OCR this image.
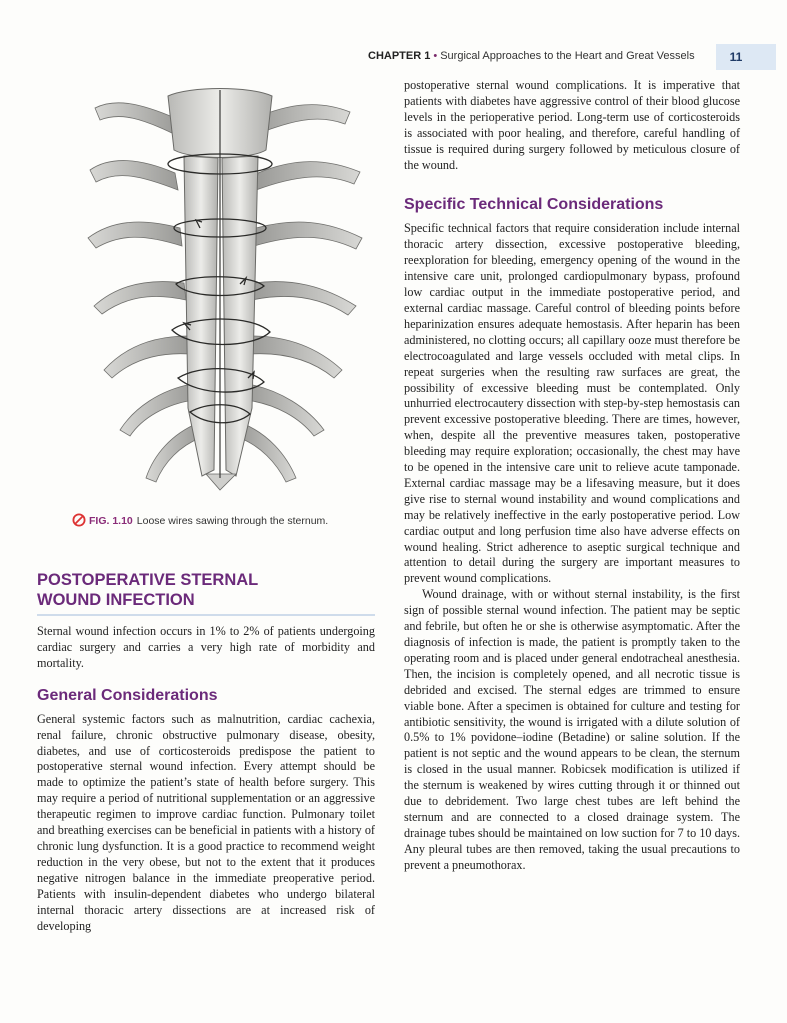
CHAPTER 1 • Surgical Approaches to the Heart and Great Vessels	11
FIG. 1.10 Loose wires sawing through the sternum.
POSTOPERATIVE STERNAL
WOUND INFECTION

Sternal wound infection occurs in 1% to 2% of patients undergoing cardiac surgery and carries a very high rate of morbidity and mortality.

General Considerations

General systemic factors such as malnutrition, cardiac cachexia, renal failure, chronic obstructive pulmonary disease, obesity, diabetes, and use of corticosteroids predispose the patient to postoperative sternal wound infection. Every attempt should be made to optimize the patient’s state of health before surgery. This may require a period of nutritional supplementation or an aggressive therapeutic regimen to improve cardiac function. Pulmonary toilet and breathing exercises can be beneficial in patients with a history of chronic lung dysfunction. It is a good practice to recommend weight reduction in the very obese, but not to the extent that it produces negative nitrogen balance in the immediate preoperative period. Patients with insulin-dependent diabetes who undergo bilateral internal thoracic artery dissections are at increased risk of developing

postoperative sternal wound complications. It is imperative that patients with diabetes have aggressive control of their blood glucose levels in the perioperative period. Long-term use of corticosteroids is associated with poor healing, and therefore, careful handling of tissue is required during surgery followed by meticulous closure of the wound.

Specific Technical Considerations

Specific technical factors that require consideration include internal thoracic artery dissection, excessive postoperative bleeding, reexploration for bleeding, emergency opening of the wound in the intensive care unit, prolonged cardiopulmonary bypass, profound low cardiac output in the immediate postoperative period, and external cardiac massage. Careful control of bleeding points before heparinization ensures adequate hemostasis. After heparin has been administered, no clotting occurs; all capillary ooze must therefore be electrocoagulated and large vessels occluded with metal clips. In repeat surgeries when the resulting raw surfaces are great, the possibility of excessive bleeding must be contemplated. Only unhurried electrocautery dissection with step-by-step hemostasis can prevent excessive postoperative bleeding. There are times, however, when, despite all the preventive measures taken, postoperative bleeding may require exploration; occasionally, the chest may have to be opened in the intensive care unit to relieve acute tamponade. External cardiac massage may be a lifesaving measure, but it does give rise to sternal wound instability and wound complications and may be relatively ineffective in the early postoperative period. Low cardiac output and long perfusion time also have adverse effects on wound healing. Strict adherence to aseptic surgical technique and attention to detail during the surgery are important measures to prevent wound complications.

Wound drainage, with or without sternal instability, is the first sign of possible sternal wound infection. The patient may be septic and febrile, but often he or she is otherwise asymptomatic. After the diagnosis of infection is made, the patient is promptly taken to the operating room and is placed under general endotracheal anesthesia. Then, the incision is completely opened, and all necrotic tissue is debrided and excised. The sternal edges are trimmed to ensure viable bone. After a specimen is obtained for culture and testing for antibiotic sensitivity, the wound is irrigated with a dilute solution of 0.5% to 1% povidone–iodine (Betadine) or saline solution. If the patient is not septic and the wound appears to be clean, the sternum is closed in the usual manner. Robicsek modification is utilized if the sternum is weakened by wires cutting through it or thinned out due to debridement. Two large chest tubes are left behind the sternum and are connected to a closed drainage system. The drainage tubes should be maintained on low suction for 7 to 10 days. Any pleural tubes are then removed, taking the usual precautions to prevent a pneumothorax.
